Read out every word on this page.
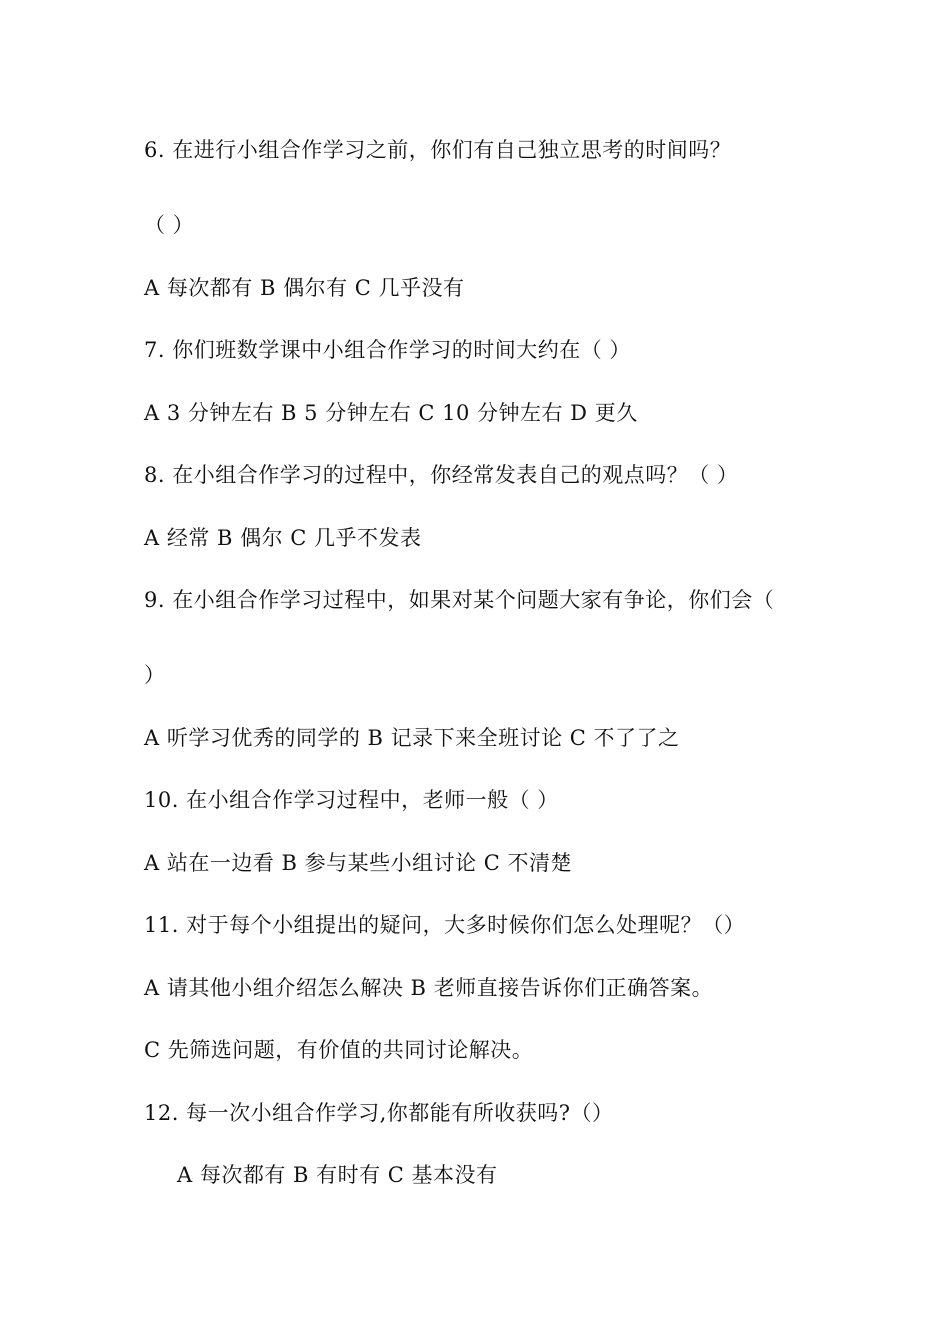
6. 在进行小组合作学习之前，你们有自己独立思考的时间吗？
（ ）
A 每次都有 B 偶尔有 C 几乎没有
7. 你们班数学课中小组合作学习的时间大约在（ ）
A 3 分钟左右 B 5 分钟左右 C 10 分钟左右 D 更久
8. 在小组合作学习的过程中，你经常发表自己的观点吗？（ ）
A 经常 B 偶尔 C 几乎不发表
9. 在小组合作学习过程中，如果对某个问题大家有争论，你们会（
）
A 听学习优秀的同学的 B 记录下来全班讨论 C 不了了之
10. 在小组合作学习过程中，老师一般（ ）
A 站在一边看 B 参与某些小组讨论 C 不清楚
11. 对于每个小组提出的疑问，大多时候你们怎么处理呢？（）
A 请其他小组介绍怎么解决 B 老师直接告诉你们正确答案。
C 先筛选问题，有价值的共同讨论解决。
12. 每一次小组合作学习,你都能有所收获吗?（）
A 每次都有 B 有时有 C 基本没有
